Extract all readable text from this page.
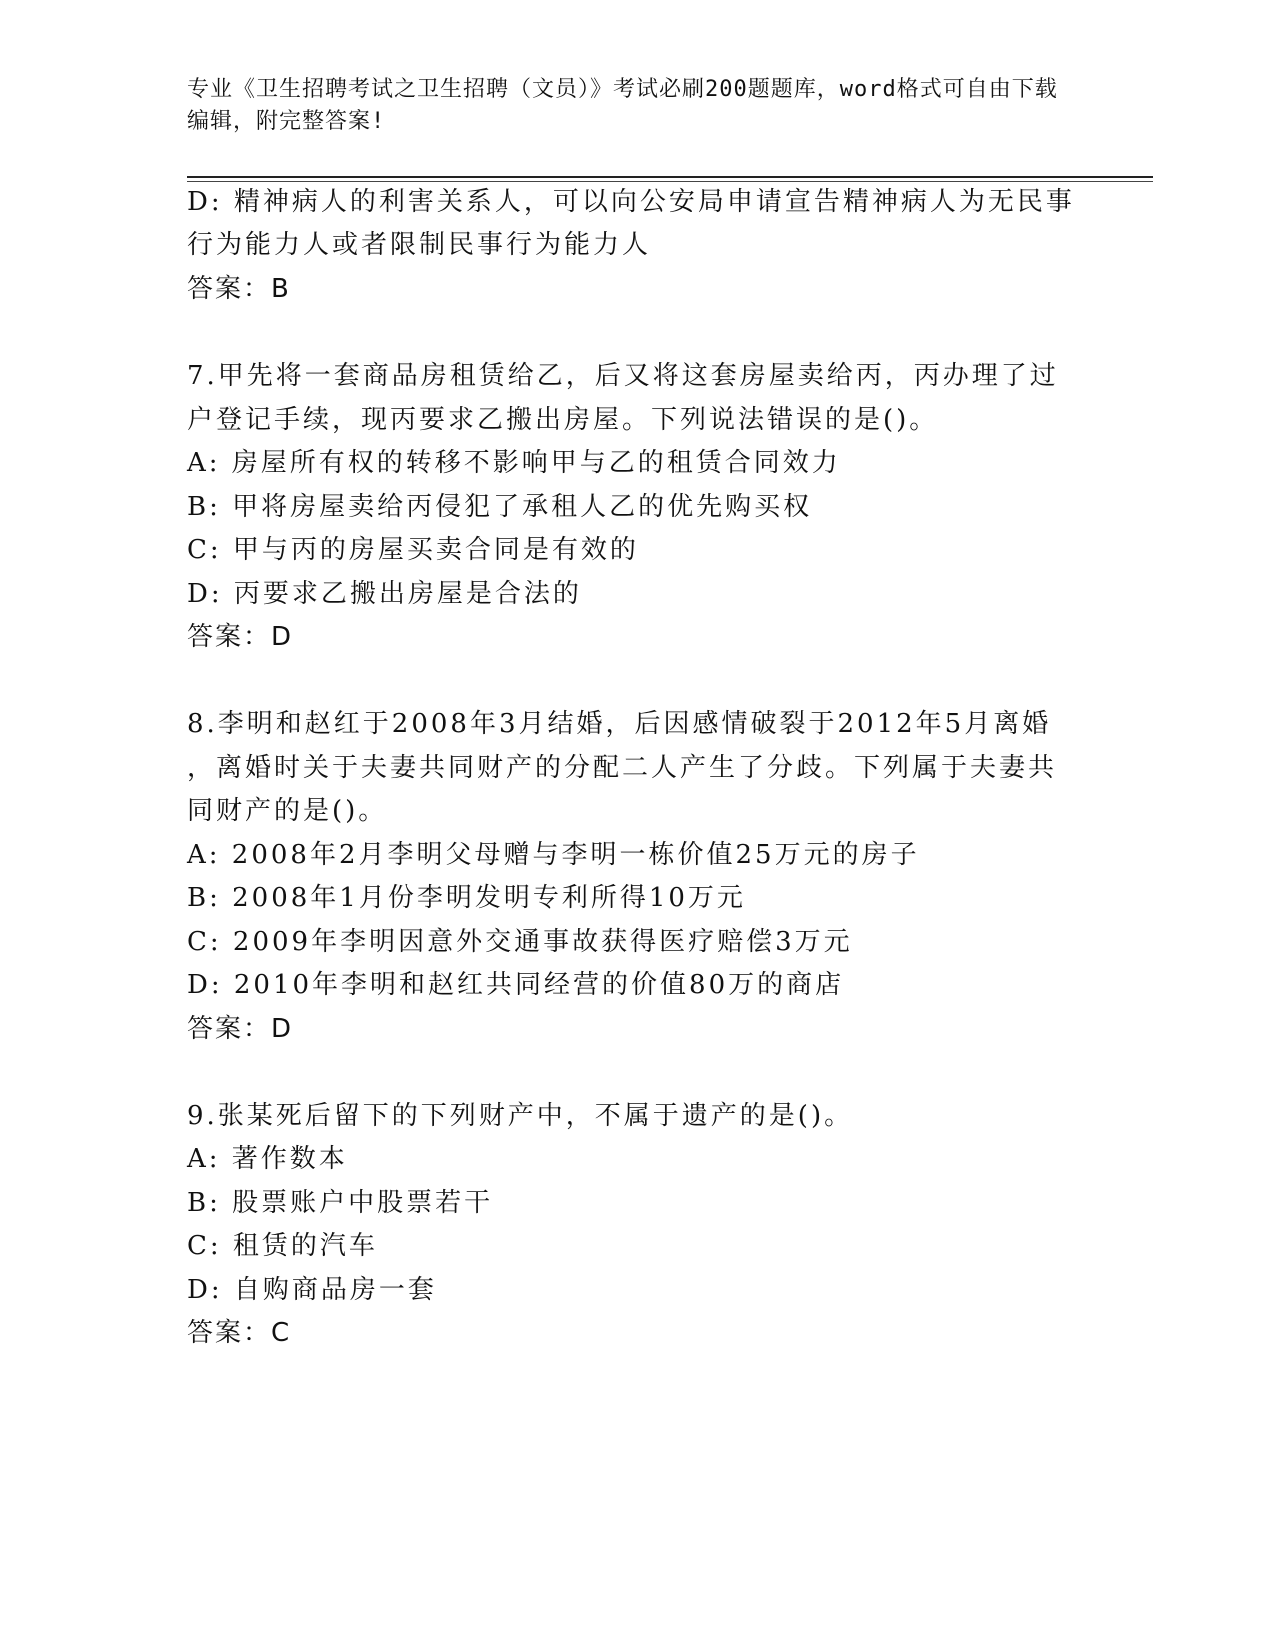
专业《卫生招聘考试之卫生招聘（文员）》考试必刷200题题库，word格式可自由下载编辑，附完整答案!
D: 精神病人的利害关系人，可以向公安局申请宣告精神病人为无民事
行为能力人或者限制民事行为能力人
答案：B
7.甲先将一套商品房租赁给乙，后又将这套房屋卖给丙，丙办理了过
户登记手续，现丙要求乙搬出房屋。下列说法错误的是()。
A: 房屋所有权的转移不影响甲与乙的租赁合同效力
B: 甲将房屋卖给丙侵犯了承租人乙的优先购买权
C: 甲与丙的房屋买卖合同是有效的
D: 丙要求乙搬出房屋是合法的
答案：D
8.李明和赵红于2008年3月结婚，后因感情破裂于2012年5月离婚
，离婚时关于夫妻共同财产的分配二人产生了分歧。下列属于夫妻共
同财产的是()。
A: 2008年2月李明父母赠与李明一栋价值25万元的房子
B: 2008年1月份李明发明专利所得10万元
C: 2009年李明因意外交通事故获得医疗赔偿3万元
D: 2010年李明和赵红共同经营的价值80万的商店
答案：D
9.张某死后留下的下列财产中，不属于遗产的是()。
A: 著作数本
B: 股票账户中股票若干
C: 租赁的汽车
D: 自购商品房一套
答案：C
